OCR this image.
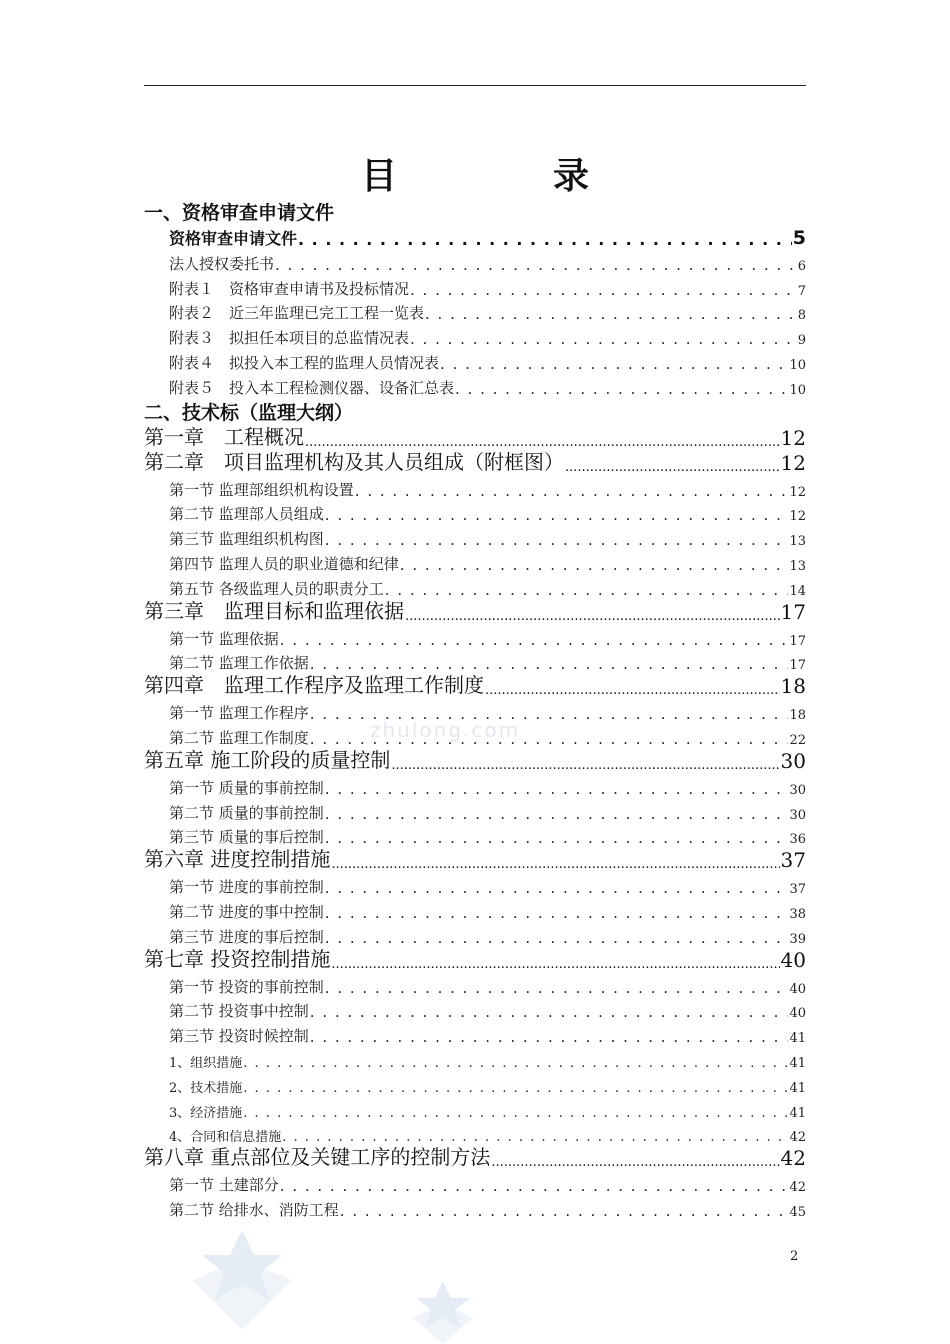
目　录
一、资格审查申请文件
资格审查申请文件 . . .	5
法人授权委托书 . . .	6
附表１　资格审查申请书及投标情况 . . .	7
附表２　近三年监理已完工工程一览表 . . .	8
附表３　拟担任本项目的总监情况表 . . .	9
附表４　拟投入本工程的监理人员情况表 . . .	10
附表５　投入本工程检测仪器、设备汇总表 . . .	10
二、技术标（监理大纲）
第一章　工程概况 .....	12
第二章　项目监理机构及其人员组成（附框图） .....	12
第一节 监理部组织机构设置 . . .	12
第二节 监理部人员组成 . . .	12
第三节 监理组织机构图 . . .	13
第四节 监理人员的职业道德和纪律 . . .	13
第五节 各级监理人员的职责分工 . . .	14
第三章　监理目标和监理依据 .....	17
第一节 监理依据 . . .	17
第二节 监理工作依据 . . .	17
第四章　监理工作程序及监理工作制度 .....	18
第一节 监理工作程序 . . .	18
第二节 监理工作制度 . . .	22
第五章 施工阶段的质量控制 .....	30
第一节 质量的事前控制 . . .	30
第二节 质量的事前控制 . . .	30
第三节 质量的事后控制 . . .	36
第六章 进度控制措施 .....	37
第一节 进度的事前控制 . . .	37
第二节 进度的事中控制 . . .	38
第三节 进度的事后控制 . . .	39
第七章 投资控制措施 .....	40
第一节 投资的事前控制 . . .	40
第二节 投资事中控制 . . .	40
第三节 投资时候控制 . . .	41
1、组织措施 . . .	41
2、技术措施 . . .	41
3、经济措施 . . .	41
4、合同和信息措施 . . .	42
第八章 重点部位及关键工序的控制方法 .....	42
第一节 土建部分 . . .	42
第二节 给排水、消防工程 . . .	45
zhulong.com
2
